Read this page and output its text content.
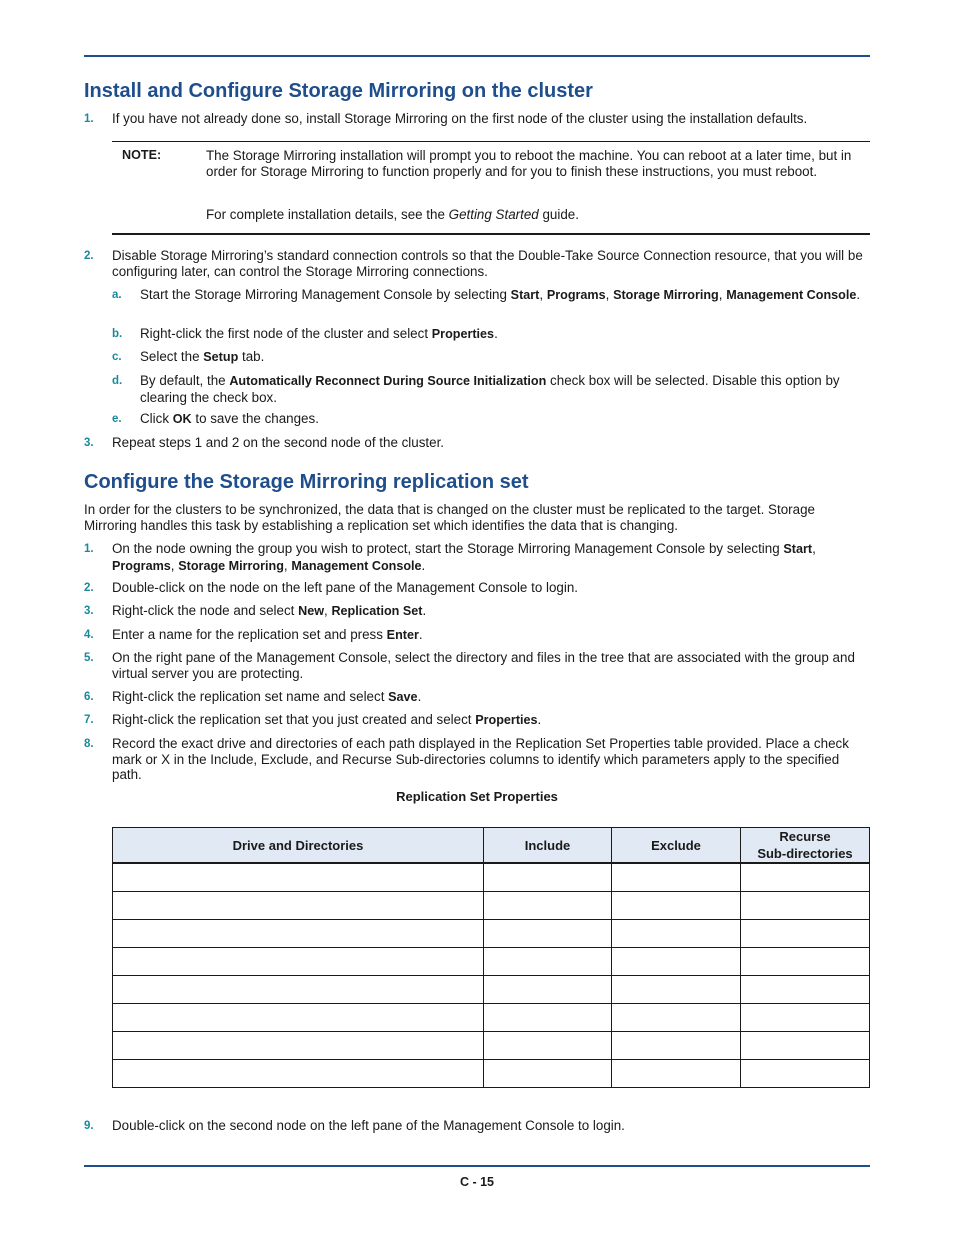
Install and Configure Storage Mirroring on the cluster
1. If you have not already done so, install Storage Mirroring on the first node of the cluster using the installation defaults.
NOTE:	The Storage Mirroring installation will prompt you to reboot the machine. You can reboot at a later time, but in order for Storage Mirroring to function properly and for you to finish these instructions, you must reboot.
For complete installation details, see the Getting Started guide.
2. Disable Storage Mirroring’s standard connection controls so that the Double-Take Source Connection resource, that you will be configuring later, can control the Storage Mirroring connections.
a. Start the Storage Mirroring Management Console by selecting Start, Programs, Storage Mirroring, Management Console.
b. Right-click the first node of the cluster and select Properties.
c. Select the Setup tab.
d. By default, the Automatically Reconnect During Source Initialization check box will be selected. Disable this option by clearing the check box.
e. Click OK to save the changes.
3. Repeat steps 1 and 2 on the second node of the cluster.
Configure the Storage Mirroring replication set
In order for the clusters to be synchronized, the data that is changed on the cluster must be replicated to the target. Storage Mirroring handles this task by establishing a replication set which identifies the data that is changing.
1. On the node owning the group you wish to protect, start the Storage Mirroring Management Console by selecting Start, Programs, Storage Mirroring, Management Console.
2. Double-click on the node on the left pane of the Management Console to login.
3. Right-click the node and select New, Replication Set.
4. Enter a name for the replication set and press Enter.
5. On the right pane of the Management Console, select the directory and files in the tree that are associated with the group and virtual server you are protecting.
6. Right-click the replication set name and select Save.
7. Right-click the replication set that you just created and select Properties.
8. Record the exact drive and directories of each path displayed in the Replication Set Properties table provided. Place a check mark or X in the Include, Exclude, and Recurse Sub-directories columns to identify which parameters apply to the specified path.
Replication Set Properties
Drive and Directories	Include	Exclude	Recurse
Sub-directories

9. Double-click on the second node on the left pane of the Management Console to login.
C - 15
